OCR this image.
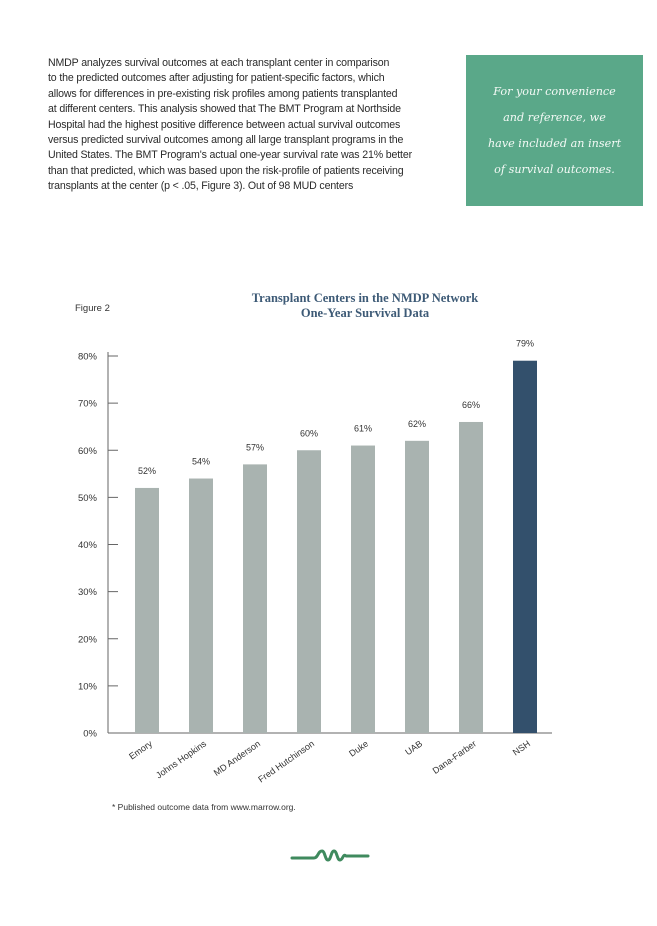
NMDP analyzes survival outcomes at each transplant center in comparison
to the predicted outcomes after adjusting for patient-specific factors, which
allows for differences in pre-existing risk profiles among patients transplanted
at different centers. This analysis showed that The BMT Program at Northside
Hospital had the highest positive difference between actual survival outcomes
versus predicted survival outcomes among all large transplant programs in the
United States. The BMT Program's actual one-year survival rate was 21% better
than that predicted, which was based upon the risk-profile of patients receiving
transplants at the center (p < .05, Figure 3). Out of 98 MUD centers
For your convenience
and reference, we
have included an insert
of survival outcomes.
Figure 2
Transplant Centers in the NMDP Network
One-Year Survival Data
0%
10%
20%
30%
40%
50%
60%
70%
80%
52%
Emory
54%
Johns Hopkins
57%
MD Anderson
60%
Fred Hutchinson
61%
Duke
62%
UAB
66%
Dana-Farber
79%
NSH
* Published outcome data from www.marrow.org.
